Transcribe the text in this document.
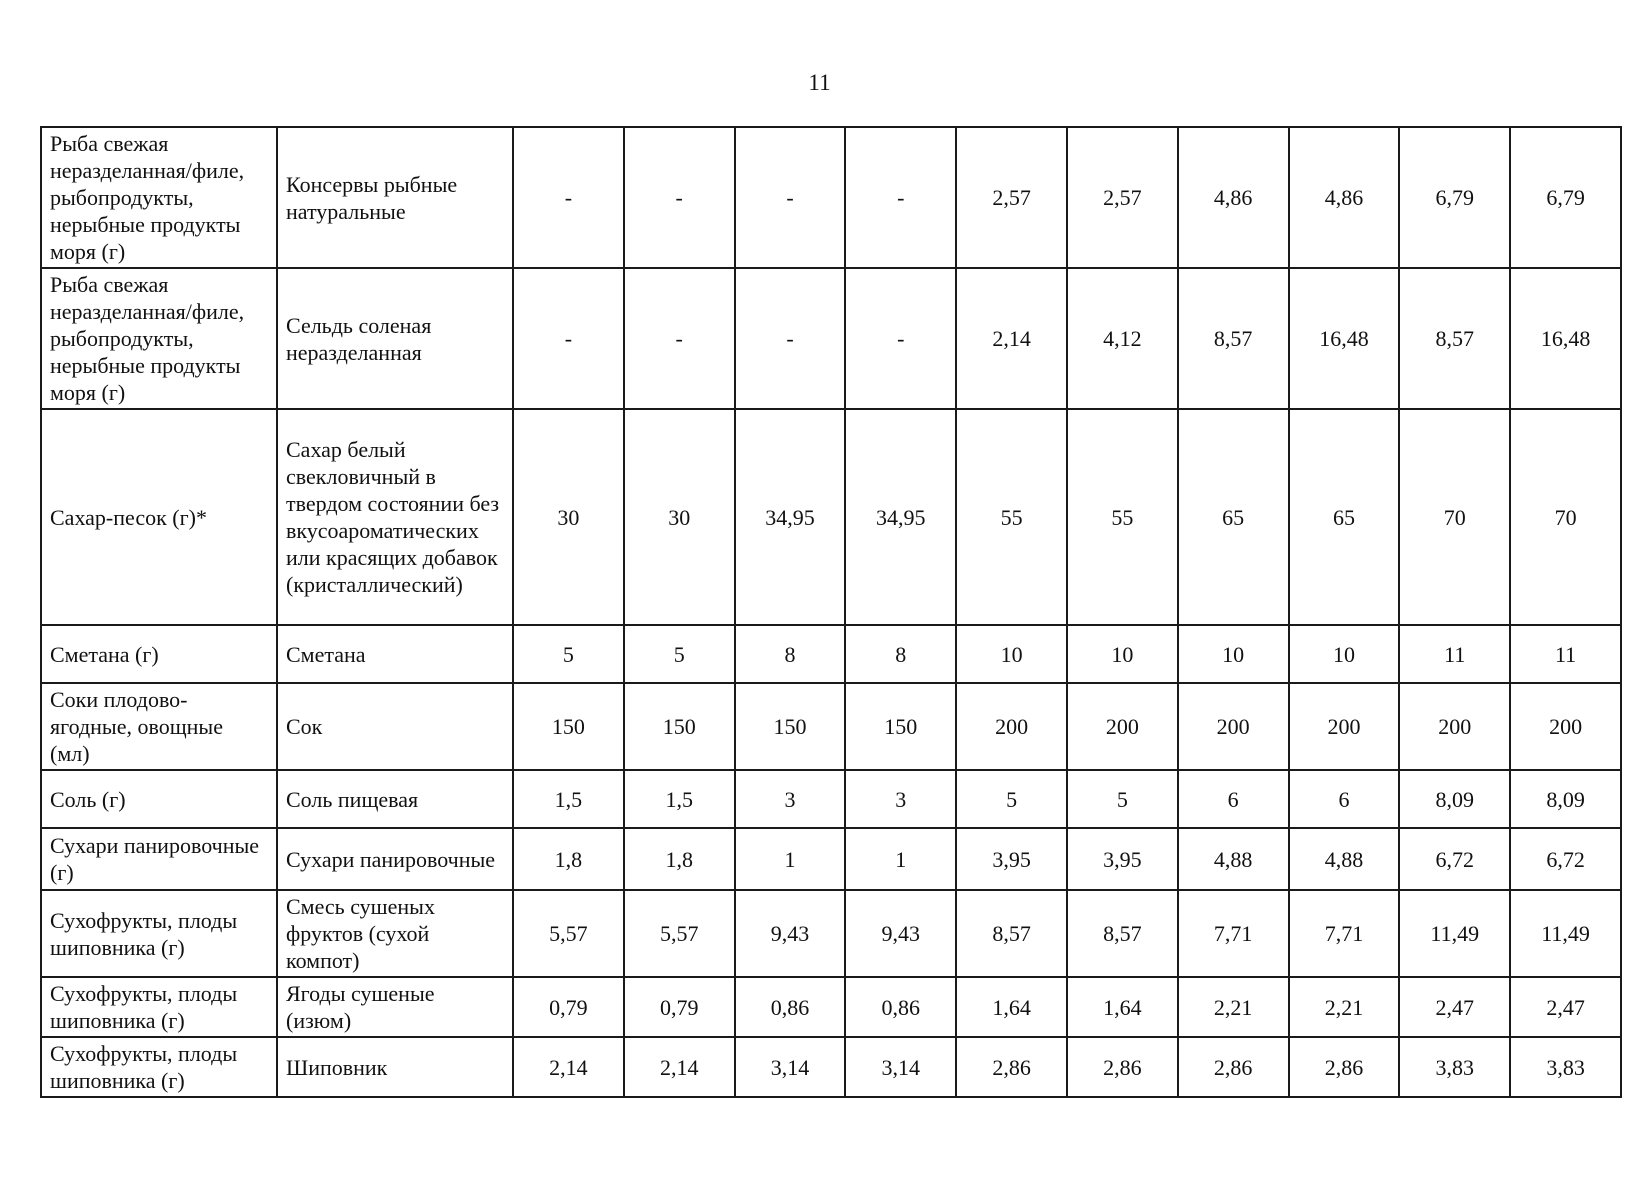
11
Рыба свежая неразделанная/филе, рыбопродукты, нерыбные продукты моря (г)	Консервы рыбные натуральные	-	-	-	-	2,57	2,57	4,86	4,86	6,79	6,79
Рыба свежая неразделанная/филе, рыбопродукты, нерыбные продукты моря (г)	Сельдь соленая неразделанная	-	-	-	-	2,14	4,12	8,57	16,48	8,57	16,48
Сахар-песок (г)*	Сахар белый свекловичный в твердом состоянии без вкусоароматических или красящих добавок (кристаллический)	30	30	34,95	34,95	55	55	65	65	70	70
Сметана (г)	Сметана	5	5	8	8	10	10	10	10	11	11
Соки плодово-ягодные, овощные (мл)	Сок	150	150	150	150	200	200	200	200	200	200
Соль (г)	Соль пищевая	1,5	1,5	3	3	5	5	6	6	8,09	8,09
Сухари панировочные (г)	Сухари панировочные	1,8	1,8	1	1	3,95	3,95	4,88	4,88	6,72	6,72
Сухофрукты, плоды шиповника (г)	Смесь сушеных фруктов (сухой компот)	5,57	5,57	9,43	9,43	8,57	8,57	7,71	7,71	11,49	11,49
Сухофрукты, плоды шиповника (г)	Ягоды сушеные (изюм)	0,79	0,79	0,86	0,86	1,64	1,64	2,21	2,21	2,47	2,47
Сухофрукты, плоды шиповника (г)	Шиповник	2,14	2,14	3,14	3,14	2,86	2,86	2,86	2,86	3,83	3,83
